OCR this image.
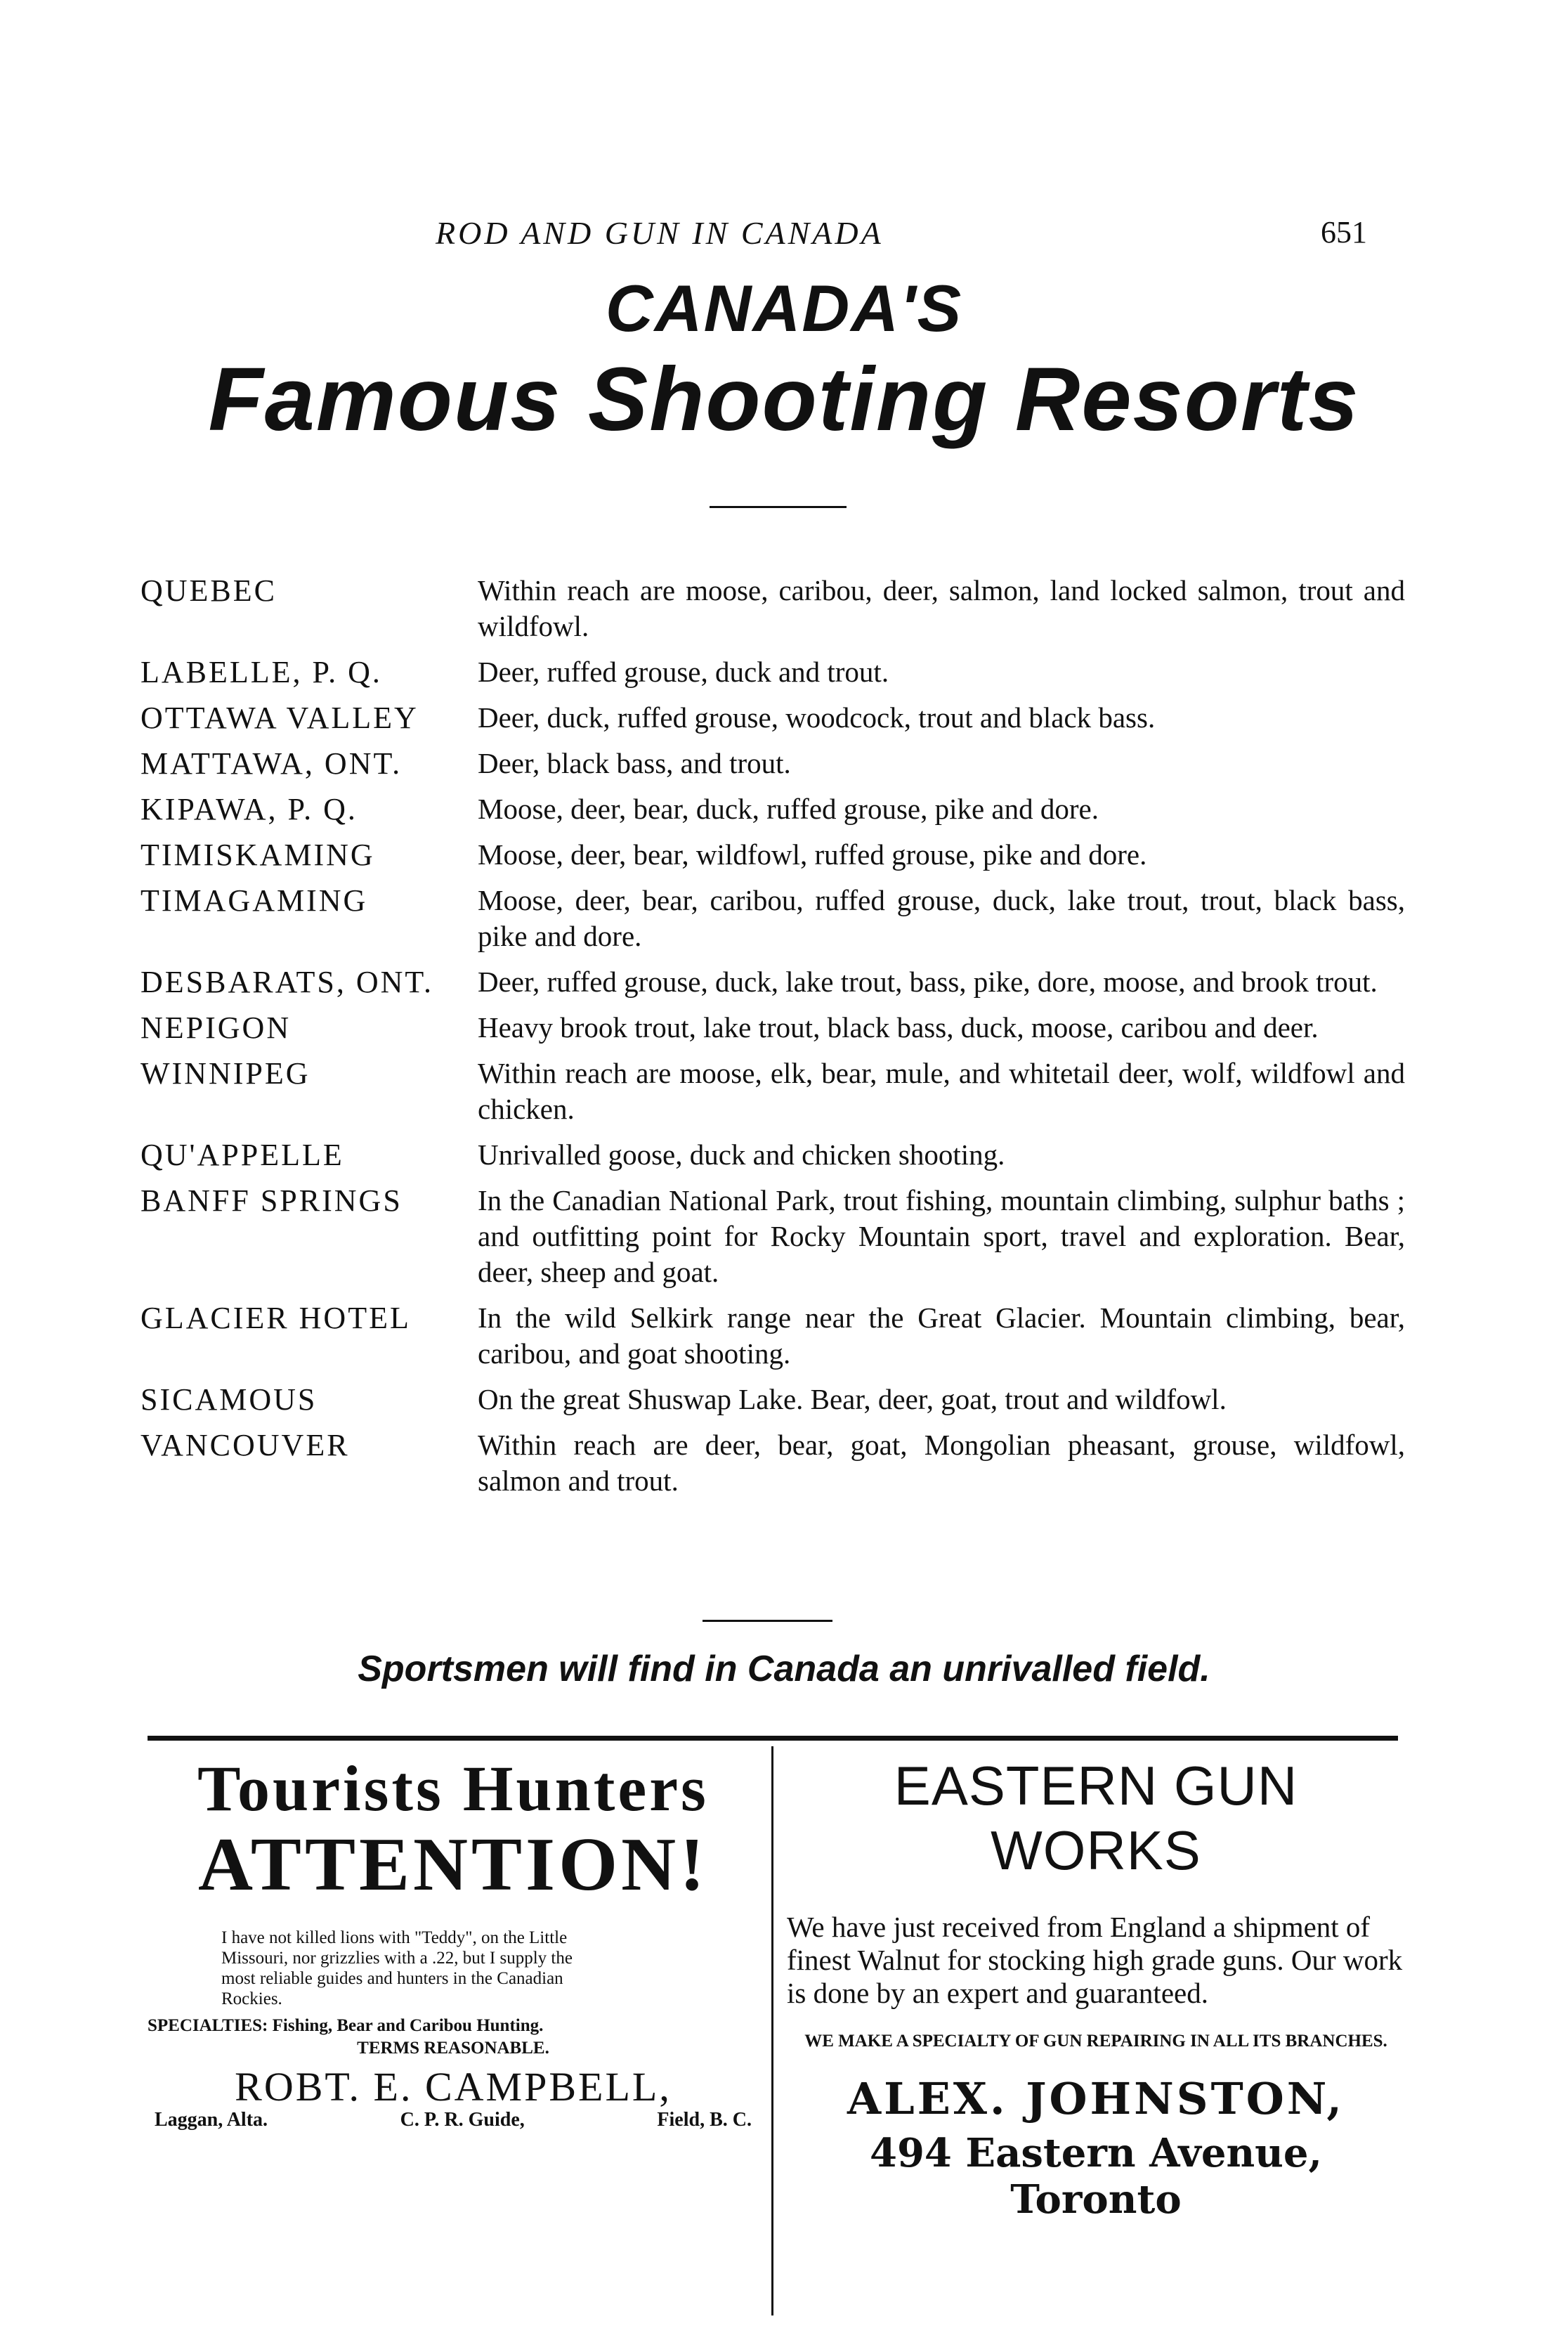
ROD AND GUN IN CANADA	651
CANADA'S
Famous Shooting Resorts
QUEBEC	Within reach are moose, caribou, deer, salmon, land locked salmon, trout and wildfowl.
LABELLE, P. Q.	Deer, ruffed grouse, duck and trout.
OTTAWA VALLEY	Deer, duck, ruffed grouse, woodcock, trout and black bass.
MATTAWA, ONT.	Deer, black bass, and trout.
KIPAWA, P. Q.	Moose, deer, bear, duck, ruffed grouse, pike and dore.
TIMISKAMING	Moose, deer, bear, wildfowl, ruffed grouse, pike and dore.
TIMAGAMING	Moose, deer, bear, caribou, ruffed grouse, duck, lake trout, trout, black bass, pike and dore.
DESBARATS, ONT.	Deer, ruffed grouse, duck, lake trout, bass, pike, dore, moose, and brook trout.
NEPIGON	Heavy brook trout, lake trout, black bass, duck, moose, caribou and deer.
WINNIPEG	Within reach are moose, elk, bear, mule, and whitetail deer, wolf, wildfowl and chicken.
QU'APPELLE	Unrivalled goose, duck and chicken shooting.
BANFF SPRINGS	In the Canadian National Park, trout fishing, mountain climbing, sulphur baths ; and outfitting point for Rocky Mountain sport, travel and exploration. Bear, deer, sheep and goat.
GLACIER HOTEL	In the wild Selkirk range near the Great Glacier. Mountain climbing, bear, caribou, and goat shooting.
SICAMOUS	On the great Shuswap Lake. Bear, deer, goat, trout and wildfowl.
VANCOUVER	Within reach are deer, bear, goat, Mongolian pheasant, grouse, wildfowl, salmon and trout.
Sportsmen will find in Canada an unrivalled field.
Tourists Hunters
ATTENTION!
I have not killed lions with "Teddy", on the Little Missouri, nor grizzlies with a .22, but I supply the most reliable guides and hunters in the Canadian Rockies.
SPECIALTIES: Fishing, Bear and Caribou Hunting.
TERMS REASONABLE.
ROBT. E. CAMPBELL,
Laggan, Alta.	C. P. R. Guide,	Field, B. C.
EASTERN GUN WORKS
We have just received from England a shipment of finest Walnut for stocking high grade guns. Our work is done by an expert and guaranteed.
WE MAKE A SPECIALTY OF GUN REPAIRING IN ALL ITS BRANCHES.
ALEX. JOHNSTON,
494 Eastern Avenue, Toronto
